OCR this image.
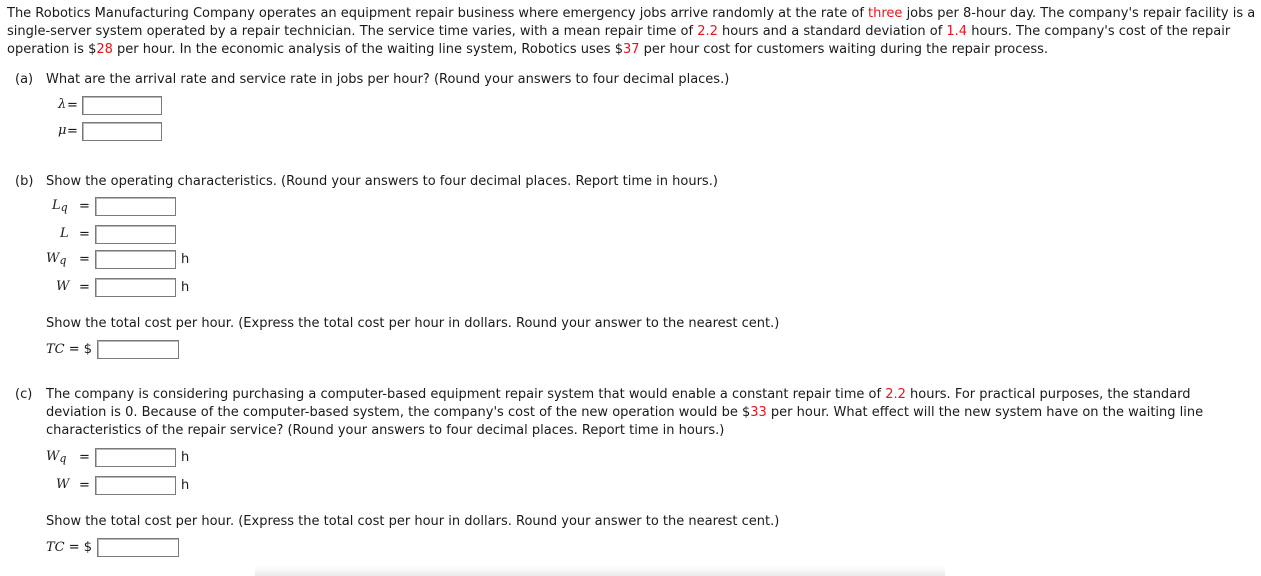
The Robotics Manufacturing Company operates an equipment repair business where emergency jobs arrive randomly at the rate of three jobs per 8-hour day. The company's repair facility is a single-server system operated by a repair technician. The service time varies, with a mean repair time of 2.2 hours and a standard deviation of 1.4 hours. The company's cost of the repair operation is $28 per hour. In the economic analysis of the waiting line system, Robotics uses $37 per hour cost for customers waiting during the repair process.

(a) What are the arrival rate and service rate in jobs per hour? (Round your answers to four decimal places.)
λ =
μ =
(b) Show the operating characteristics. (Round your answers to four decimal places. Report time in hours.)
$L_q$ =
L =
$W_q$ =	h
W =	h
Show the total cost per hour. (Express the total cost per hour in dollars. Round your answer to the nearest cent.)
TC = $
(c) The company is considering purchasing a computer-based equipment repair system that would enable a constant repair time of 2.2 hours. For practical purposes, the standard deviation is 0. Because of the computer-based system, the company's cost of the new operation would be $33 per hour. What effect will the new system have on the waiting line characteristics of the repair service? (Round your answers to four decimal places. Report time in hours.)
$W_q$ =	h
W =	h
Show the total cost per hour. (Express the total cost per hour in dollars. Round your answer to the nearest cent.)
TC = $
